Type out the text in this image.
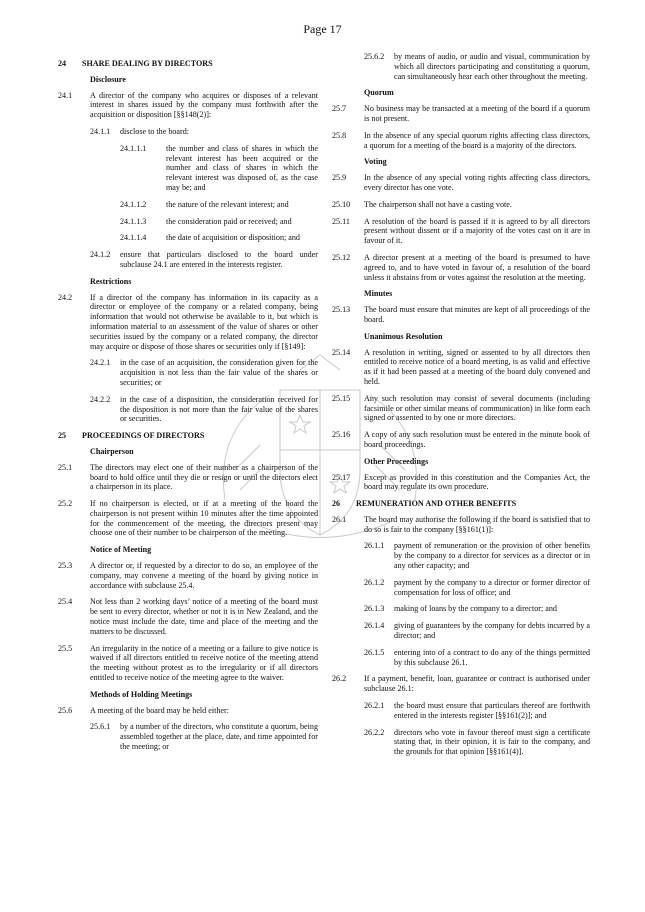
Page 17
24	SHARE DEALING BY DIRECTORS
Disclosure
24.1	A director of the company who acquires or disposes of a relevant interest in shares issued by the company must forthwith after the acquisition or disposition [§§148(2)]:
24.1.1	disclose to the board:
24.1.1.1	the number and class of shares in which the relevant interest has been acquired or the number and class of shares in which the relevant interest was disposed of, as the case may be; and
24.1.1.2	the nature of the relevant interest; and
24.1.1.3	the consideration paid or received; and
24.1.1.4	the date of acquisition or disposition; and
24.1.2	ensure that particulars disclosed to the board under subclause 24.1 are entered in the interests register.
Restrictions
24.2	If a director of the company has information in its capacity as a director or employee of the company or a related company, being information that would not otherwise be available to it, but which is information material to an assessment of the value of shares or other securities issued by the company or a related company, the director may acquire or dispose of those shares or securities only if [§149]:
24.2.1	in the case of an acquisition, the consideration given for the acquisition is not less than the fair value of the shares or securities; or
24.2.2	in the case of a disposition, the consideration received for the disposition is not more than the fair value of the shares or securities.
25	PROCEEDINGS OF DIRECTORS
Chairperson
25.1	The directors may elect one of their number as a chairperson of the board to hold office until they die or resign or until the directors elect a chairperson in its place.
25.2	If no chairperson is elected, or if at a meeting of the board the chairperson is not present within 10 minutes after the time appointed for the commencement of the meeting, the directors present may choose one of their number to be chairperson of the meeting.
Notice of Meeting
25.3	A director or, if requested by a director to do so, an employee of the company, may convene a meeting of the board by giving notice in accordance with subclause 25.4.
25.4	Not less than 2 working days’ notice of a meeting of the board must be sent to every director, whether or not it is in New Zealand, and the notice must include the date, time and place of the meeting and the matters to be discussed.
25.5	An irregularity in the notice of a meeting or a failure to give notice is waived if all directors entitled to receive notice of the meeting attend the meeting without protest as to the irregularity or if all directors entitled to receive notice of the meeting agree to the waiver.
Methods of Holding Meetings
25.6	A meeting of the board may be held either:
25.6.1	by a number of the directors, who constitute a quorum, being assembled together at the place, date, and time appointed for the meeting; or
25.6.2	by means of audio, or audio and visual, communication by which all directors participating and constituting a quorum, can simultaneously hear each other throughout the meeting.
Quorum
25.7	No business may be transacted at a meeting of the board if a quorum is not present.
25.8	In the absence of any special quorum rights affecting class directors, a quorum for a meeting of the board is a majority of the directors.
Voting
25.9	In the absence of any special voting rights affecting class directors, every director has one vote.
25.10	The chairperson shall not have a casting vote.
25.11	A resolution of the board is passed if it is agreed to by all directors present without dissent or if a majority of the votes cast on it are in favour of it.
25.12	A director present at a meeting of the board is presumed to have agreed to, and to have voted in favour of, a resolution of the board unless it abstains from or votes against the resolution at the meeting.
Minutes
25.13	The board must ensure that minutes are kept of all proceedings of the board.
Unanimous Resolution
25.14	A resolution in writing, signed or assented to by all directors then entitled to receive notice of a board meeting, is as valid and effective as if it had been passed at a meeting of the board duly convened and held.
25.15	Any such resolution may consist of several documents (including facsimile or other similar means of communication) in like form each signed or assented to by one or more directors.
25.16	A copy of any such resolution must be entered in the minute book of board proceedings.
Other Proceedings
25.17	Except as provided in this constitution and the Companies Act, the board may regulate its own procedure.
26	REMUNERATION AND OTHER BENEFITS
26.1	The board may authorise the following if the board is satisfied that to do so is fair to the company [§§161(1)]:
26.1.1	payment of remuneration or the provision of other benefits by the company to a director for services as a director or in any other capacity; and
26.1.2	payment by the company to a director or former director of compensation for loss of office; and
26.1.3	making of loans by the company to a director; and
26.1.4	giving of guarantees by the company for debts incurred by a director; and
26.1.5	entering into of a contract to do any of the things permitted by this subclause 26.1.
26.2	If a payment, benefit, loan, guarantee or contract is authorised under subclause 26.1:
26.2.1	the board must ensure that particulars thereof are forthwith entered in the interests register [§§161(2)]; and
26.2.2	directors who vote in favour thereof must sign a certificate stating that, in their opinion, it is fair to the company, and the grounds for that opinion [§§161(4)].
